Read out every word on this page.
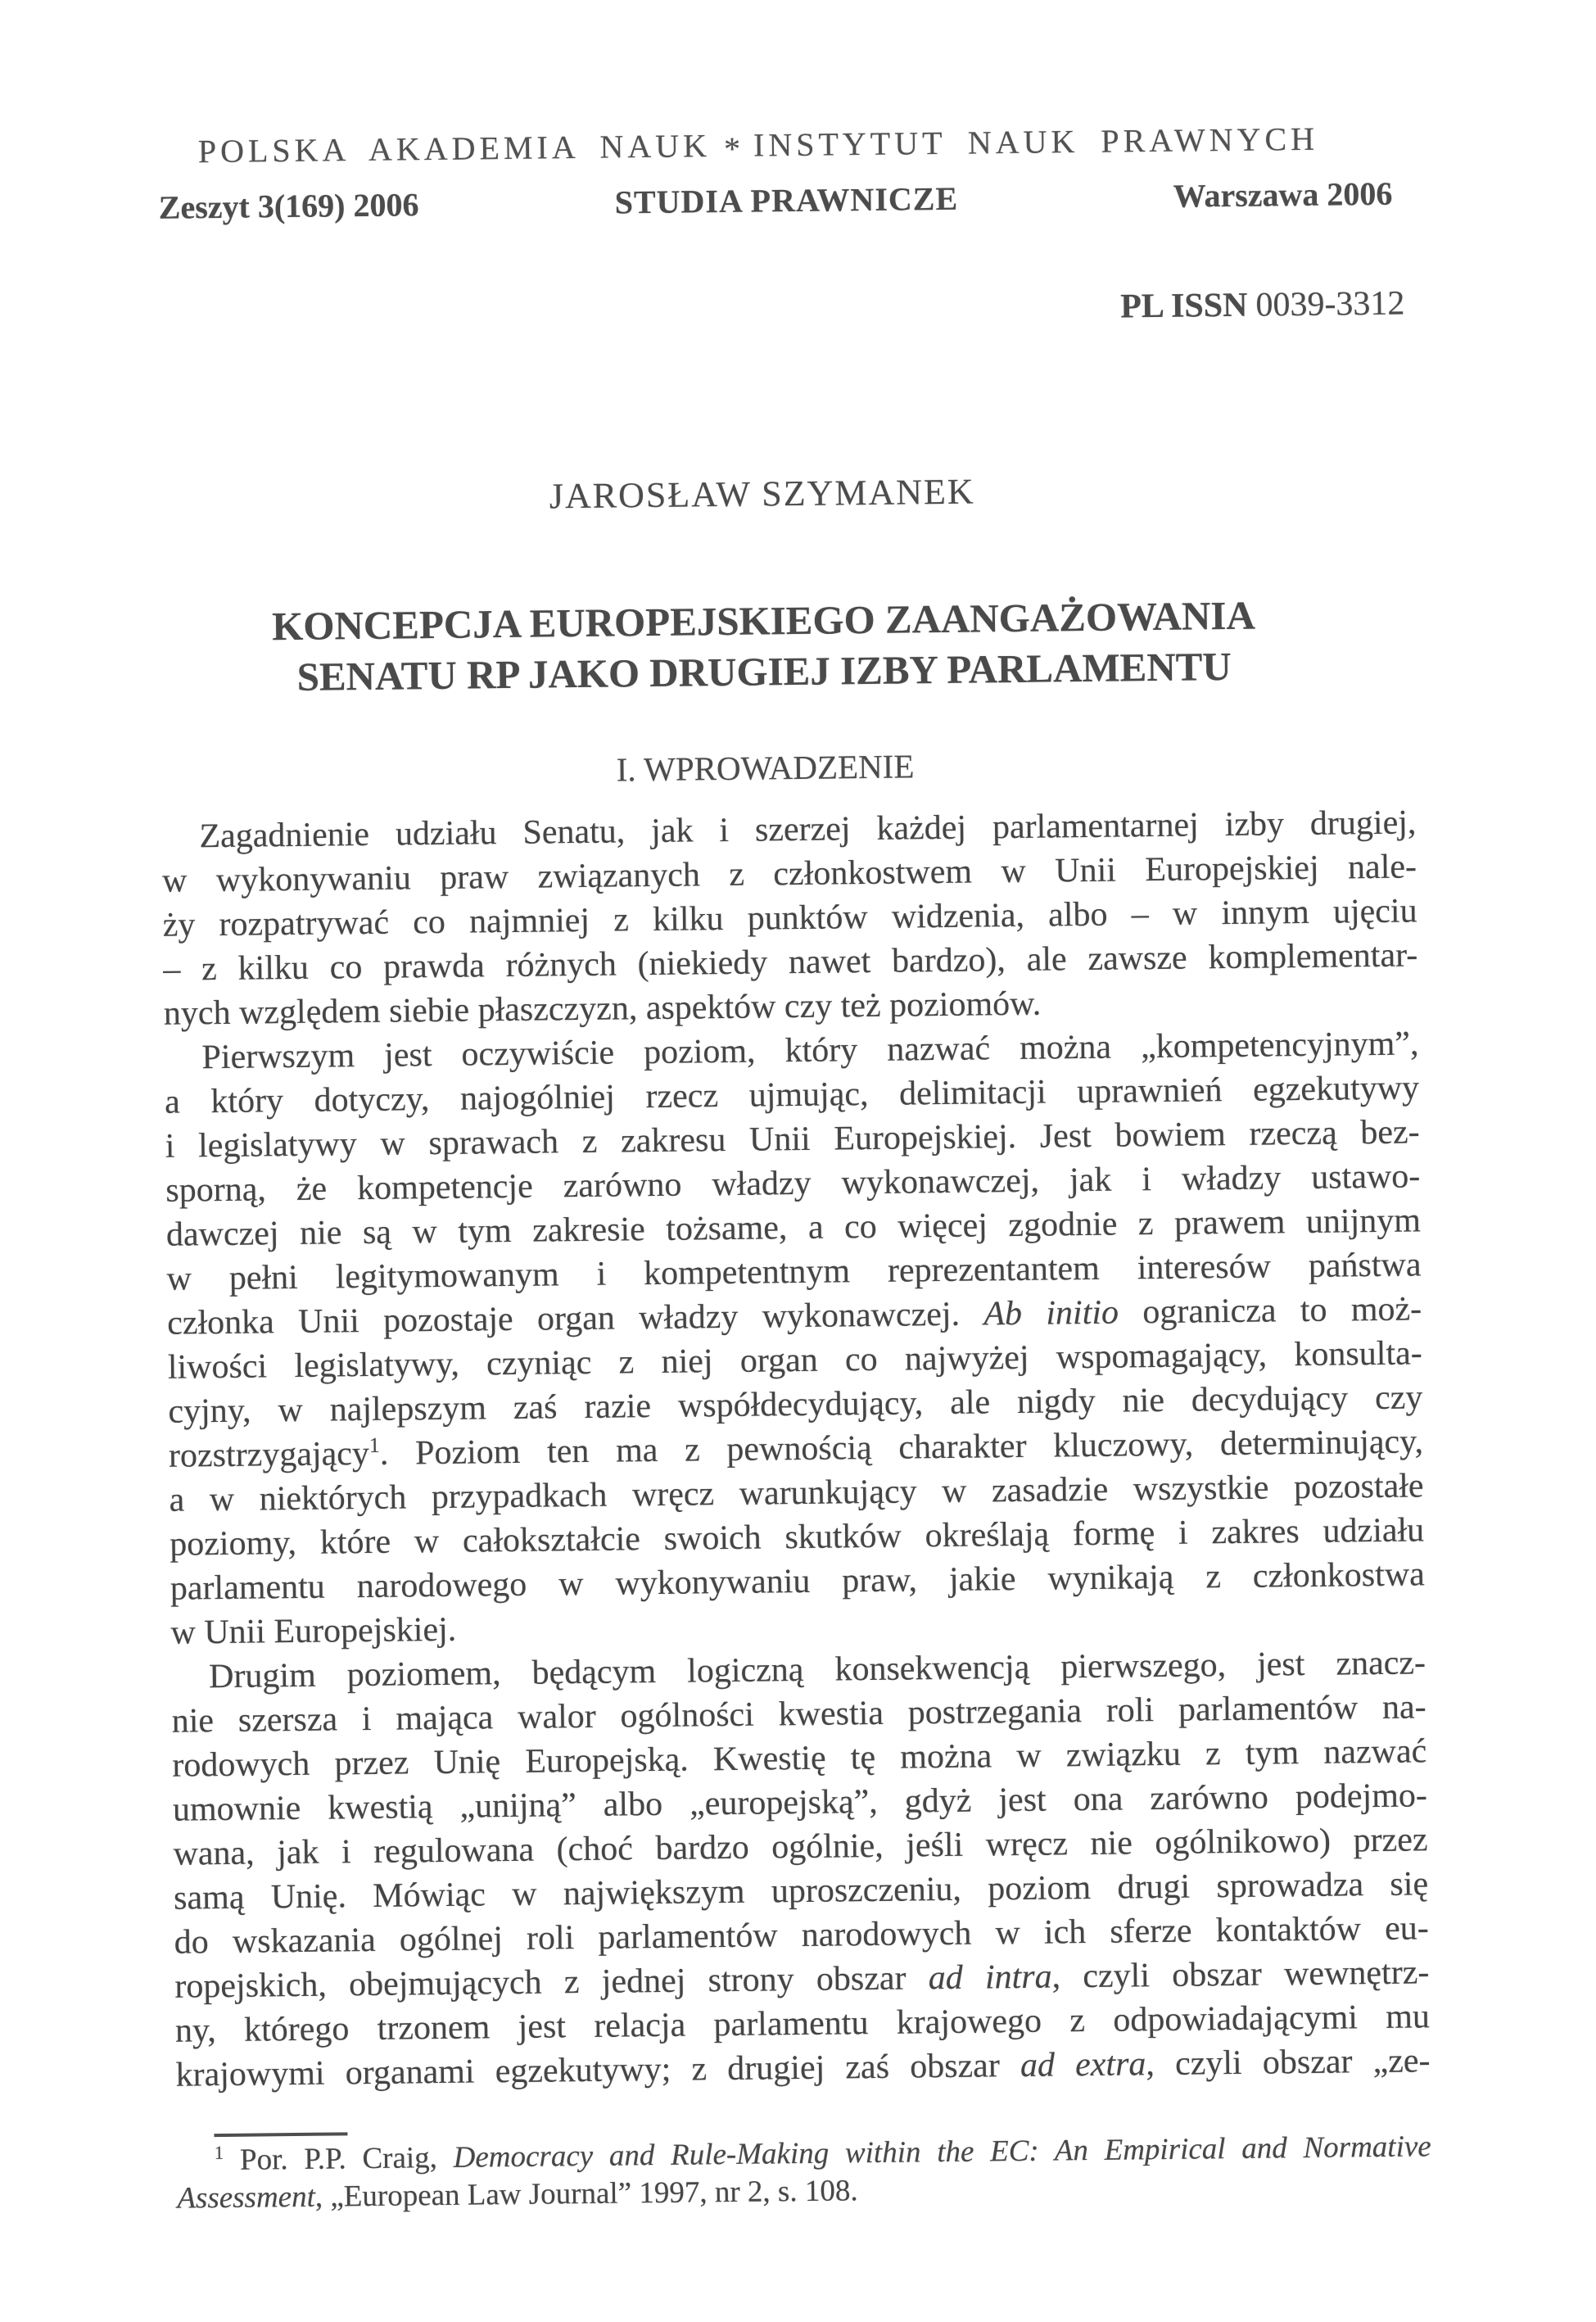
POLSKA AKADEMIA NAUK * INSTYTUT NAUK PRAWNYCH
Zeszyt 3(169) 2006	STUDIA PRAWNICZE	Warszawa 2006
PL ISSN 0039-3312
JAROSŁAW SZYMANEK
KONCEPCJA EUROPEJSKIEGO ZAANGAŻOWANIA
SENATU RP JAKO DRUGIEJ IZBY PARLAMENTU
I. WPROWADZENIE
Zagadnienie udziału Senatu, jak i szerzej każdej parlamentarnej izby drugiej,
w wykonywaniu praw związanych z członkostwem w Unii Europejskiej nale-
ży rozpatrywać co najmniej z kilku punktów widzenia, albo – w innym ujęciu
– z kilku co prawda różnych (niekiedy nawet bardzo), ale zawsze komplementar-
nych względem siebie płaszczyzn, aspektów czy też poziomów.
Pierwszym jest oczywiście poziom, który nazwać można „kompetencyjnym”,
a który dotyczy, najogólniej rzecz ujmując, delimitacji uprawnień egzekutywy
i legislatywy w sprawach z zakresu Unii Europejskiej. Jest bowiem rzeczą bez-
sporną, że kompetencje zarówno władzy wykonawczej, jak i władzy ustawo-
dawczej nie są w tym zakresie tożsame, a co więcej zgodnie z prawem unijnym
w pełni legitymowanym i kompetentnym reprezentantem interesów państwa
członka Unii pozostaje organ władzy wykonawczej. Ab initio ogranicza to moż-
liwości legislatywy, czyniąc z niej organ co najwyżej wspomagający, konsulta-
cyjny, w najlepszym zaś razie współdecydujący, ale nigdy nie decydujący czy
rozstrzygający$^1$. Poziom ten ma z pewnością charakter kluczowy, determinujący,
a w niektórych przypadkach wręcz warunkujący w zasadzie wszystkie pozostałe
poziomy, które w całokształcie swoich skutków określają formę i zakres udziału
parlamentu narodowego w wykonywaniu praw, jakie wynikają z członkostwa
w Unii Europejskiej.
Drugim poziomem, będącym logiczną konsekwencją pierwszego, jest znacz-
nie szersza i mająca walor ogólności kwestia postrzegania roli parlamentów na-
rodowych przez Unię Europejską. Kwestię tę można w związku z tym nazwać
umownie kwestią „unijną” albo „europejską”, gdyż jest ona zarówno podejmo-
wana, jak i regulowana (choć bardzo ogólnie, jeśli wręcz nie ogólnikowo) przez
samą Unię. Mówiąc w największym uproszczeniu, poziom drugi sprowadza się
do wskazania ogólnej roli parlamentów narodowych w ich sferze kontaktów eu-
ropejskich, obejmujących z jednej strony obszar ad intra, czyli obszar wewnętrz-
ny, którego trzonem jest relacja parlamentu krajowego z odpowiadającymi mu
krajowymi organami egzekutywy; z drugiej zaś obszar ad extra, czyli obszar „ze-
$^1$ Por. P.P. Craig, Democracy and Rule-Making within the EC: An Empirical and Normative
Assessment, „European Law Journal” 1997, nr 2, s. 108.
